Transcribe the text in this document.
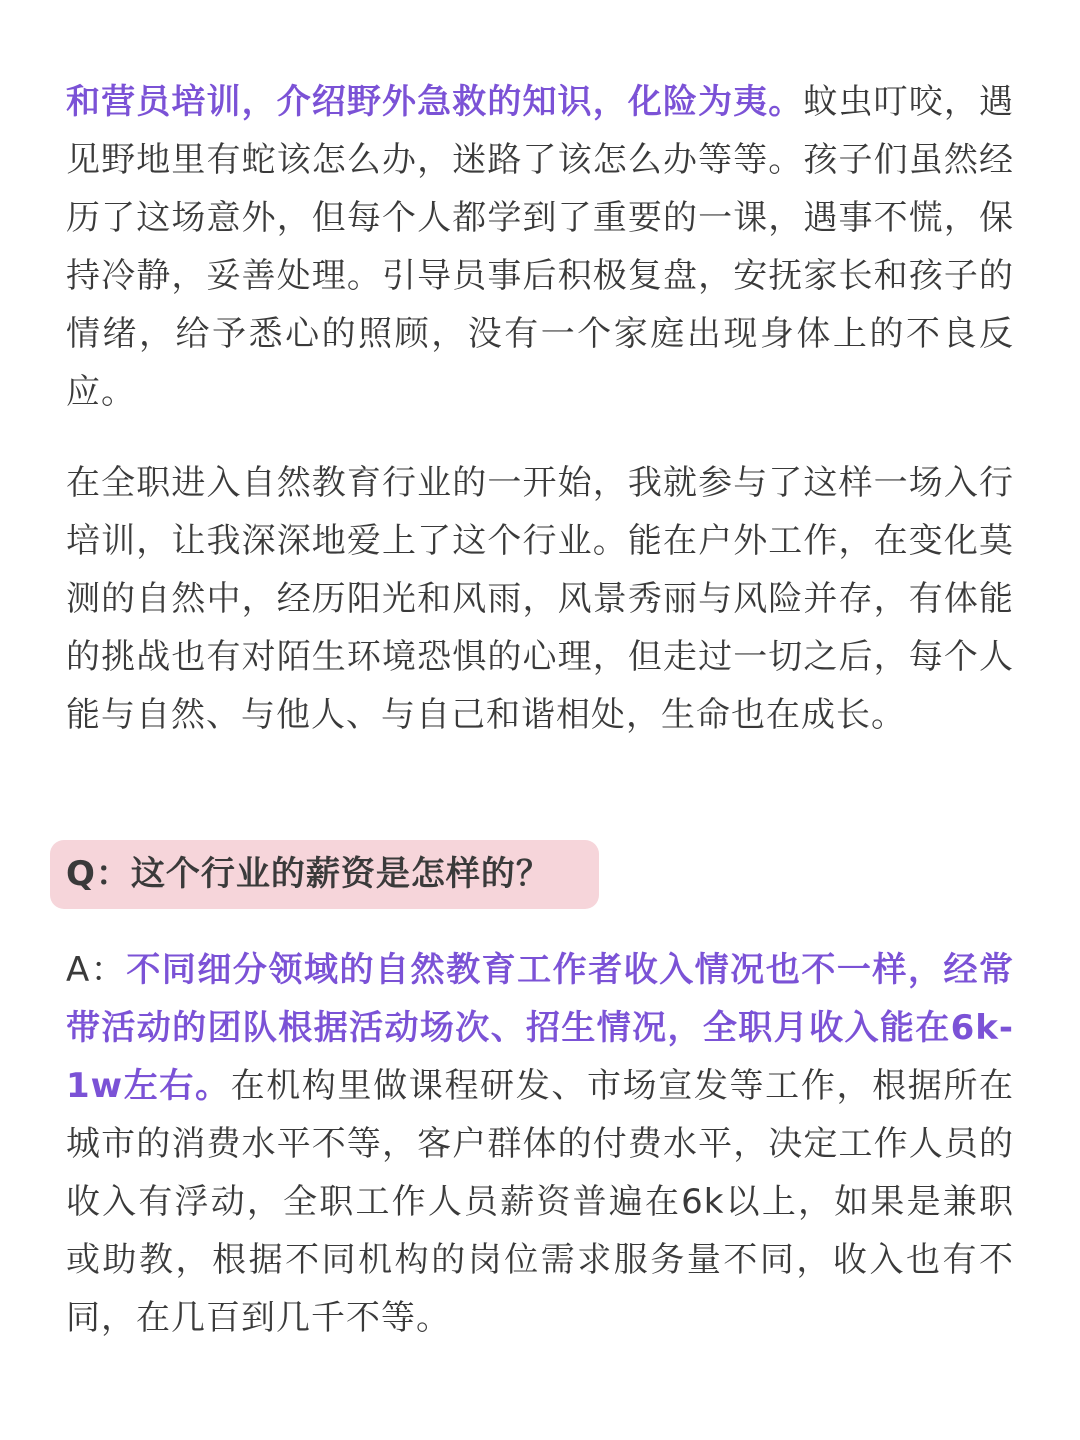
和营员培训，介绍野外急救的知识，化险为夷。蚊虫叮咬，遇见野地里有蛇该怎么办，迷路了该怎么办等等。孩子们虽然经历了这场意外，但每个人都学到了重要的一课，遇事不慌，保持冷静，妥善处理。引导员事后积极复盘，安抚家长和孩子的情绪，给予悉心的照顾，没有一个家庭出现身体上的不良反应。

在全职进入自然教育行业的一开始，我就参与了这样一场入行培训，让我深深地爱上了这个行业。能在户外工作，在变化莫测的自然中，经历阳光和风雨，风景秀丽与风险并存，有体能的挑战也有对陌生环境恐惧的心理，但走过一切之后，每个人能与自然、与他人、与自己和谐相处，生命也在成长。

Q：这个行业的薪资是怎样的？

A：不同细分领域的自然教育工作者收入情况也不一样，经常带活动的团队根据活动场次、招生情况，全职月收入能在6k-1w左右。在机构里做课程研发、市场宣发等工作，根据所在城市的消费水平不等，客户群体的付费水平，决定工作人员的收入有浮动，全职工作人员薪资普遍在6k以上，如果是兼职或助教，根据不同机构的岗位需求服务量不同，收入也有不同，在几百到几千不等。
